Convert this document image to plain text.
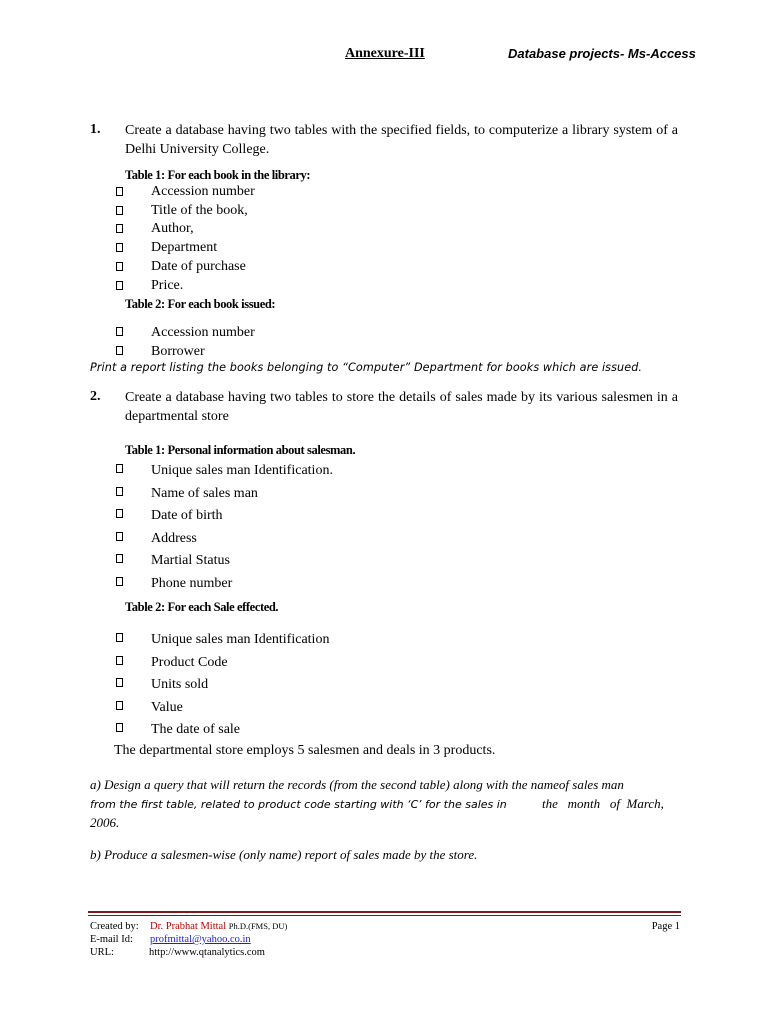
Annexure-III	Database projects- Ms-Access
1. Create a database having two tables with the specified fields, to computerize a library system of a Delhi University College.
Table 1: For each book in the library:
Accession number
Title of the book,
Author,
Department
Date of purchase
Price.
Table 2: For each book issued:
Accession number
Borrower
Print a report listing the books belonging to “Computer” Department for books which are issued.
2. Create a database having two tables to store the details of sales made by its various salesmen in a departmental store
Table 1: Personal information about salesman.
Unique sales man Identification.
Name of sales man
Date of birth
Address
Martial Status
Phone number
Table 2: For each Sale effected.
Unique sales man Identification
Product Code
Units sold
Value
The date of sale
The departmental store employs 5 salesmen and deals in 3 products.
a) Design a query that will return the records (from the second table) along with the nameof sales man
from the first table, related to product code starting with ‘C’ for the sales in	the   month   of  March,
2006.
b) Produce a salesmen-wise (only name) report of sales made by the store.
Created by: Dr. Prabhat Mittal Ph.D.(FMS, DU)	Page 1
E-mail Id: profmittal@yahoo.co.in
URL:	http://www.qtanalytics.com
